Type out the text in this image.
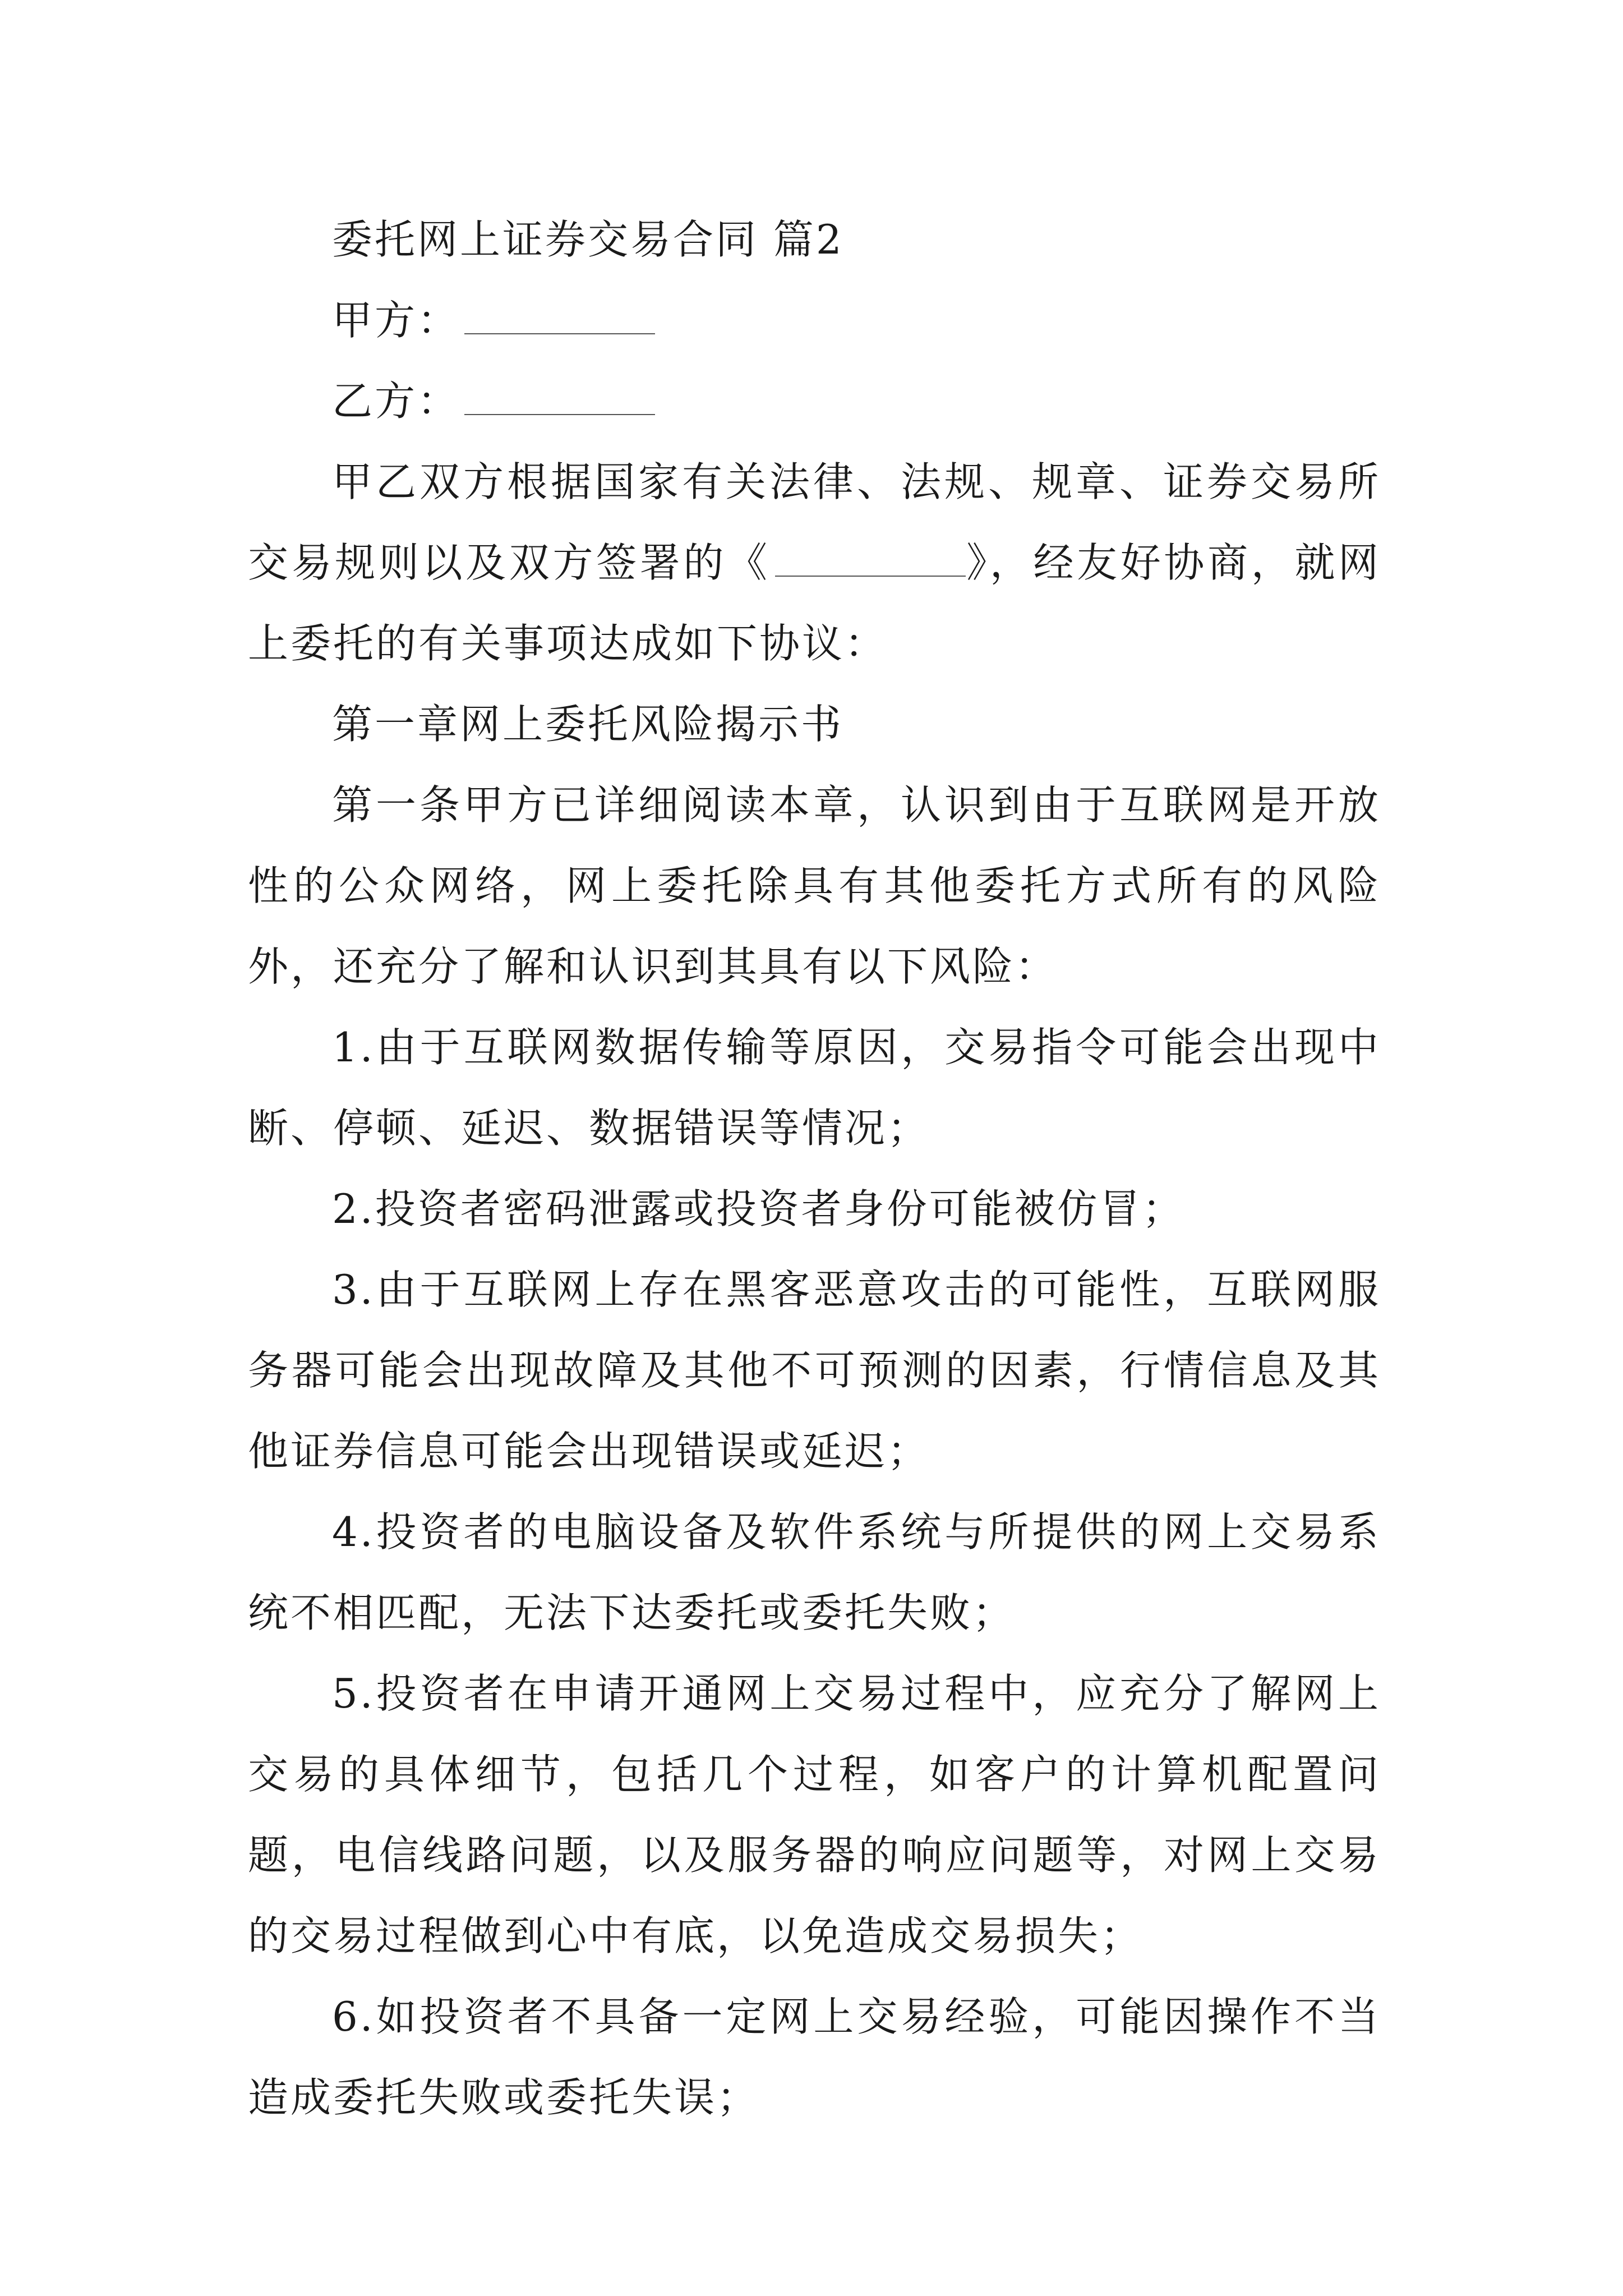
委托网上证券交易合同 篇2

甲方：

乙方：

甲乙双方根据国家有关法律、法规、规章、证券交易所交易规则以及双方签署的《	》，经友好协商，就网上委托的有关事项达成如下协议：

第一章网上委托风险揭示书

第一条甲方已详细阅读本章，认识到由于互联网是开放性的公众网络，网上委托除具有其他委托方式所有的风险外，还充分了解和认识到其具有以下风险：

1.由于互联网数据传输等原因，交易指令可能会出现中断、停顿、延迟、数据错误等情况；

2.投资者密码泄露或投资者身份可能被仿冒；

3.由于互联网上存在黑客恶意攻击的可能性，互联网服务器可能会出现故障及其他不可预测的因素，行情信息及其他证券信息可能会出现错误或延迟；

4.投资者的电脑设备及软件系统与所提供的网上交易系统不相匹配，无法下达委托或委托失败；

5.投资者在申请开通网上交易过程中，应充分了解网上交易的具体细节，包括几个过程，如客户的计算机配置问题，电信线路问题，以及服务器的响应问题等，对网上交易的交易过程做到心中有底，以免造成交易损失；

6.如投资者不具备一定网上交易经验，可能因操作不当造成委托失败或委托失误；
